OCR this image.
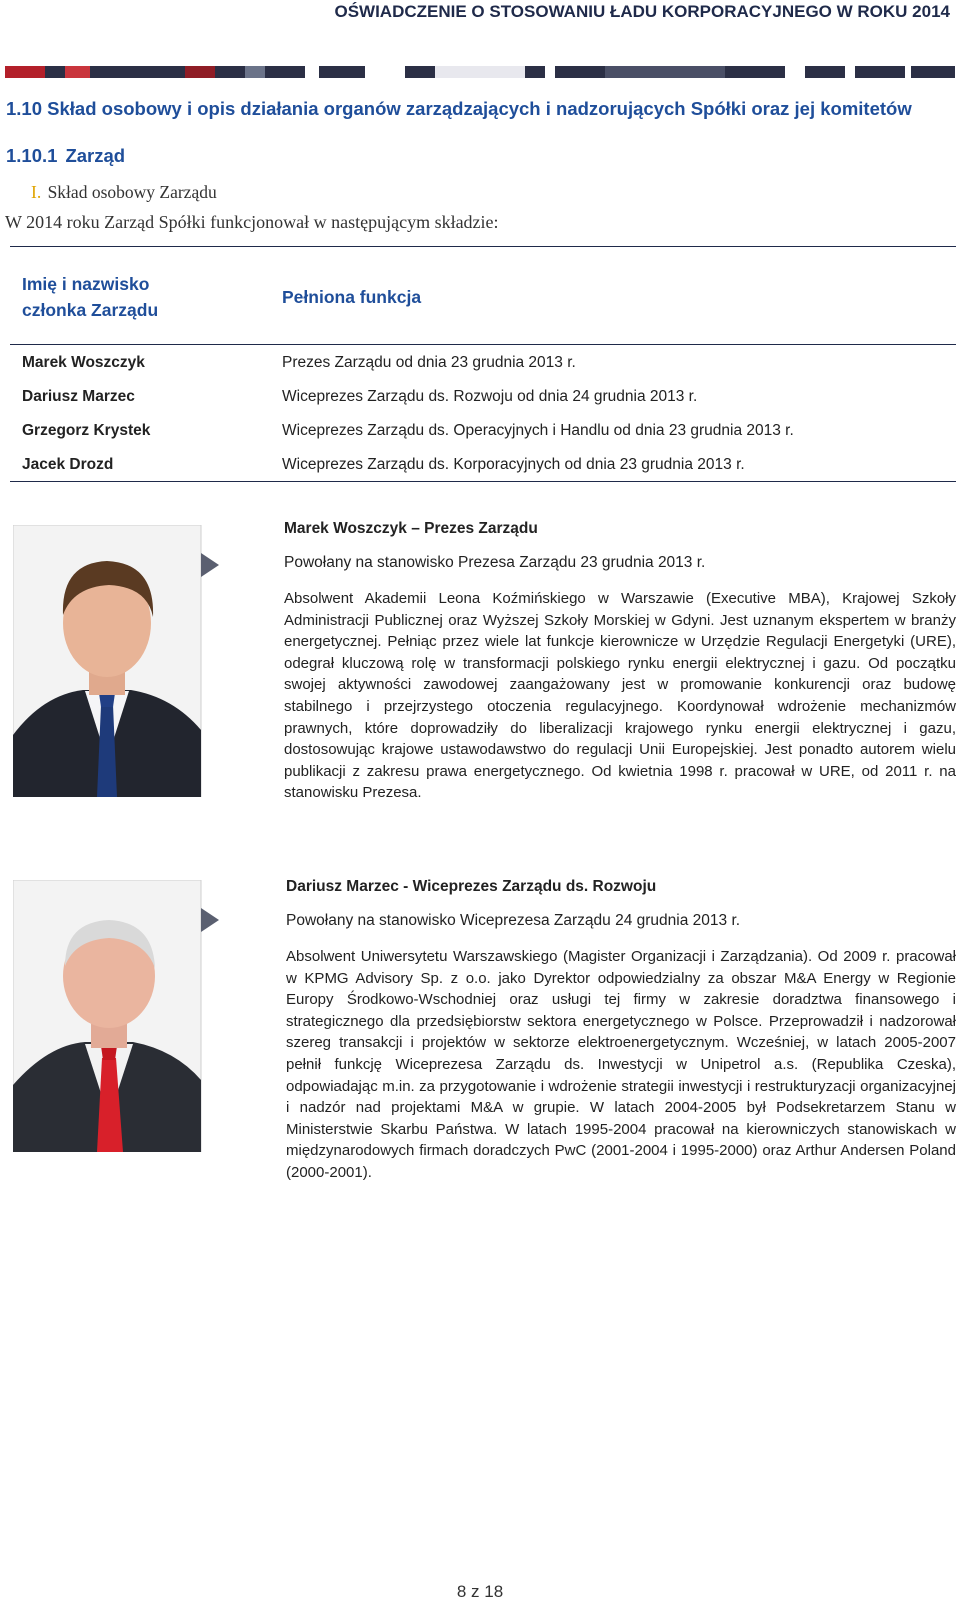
OŚWIADCZENIE O STOSOWANIU ŁADU KORPORACYJNEGO W ROKU 2014
1.10 Skład osobowy i opis działania organów zarządzających i nadzorujących Spółki oraz jej komitetów
1.10.1 Zarząd
I. Skład osobowy Zarządu
W 2014 roku Zarząd Spółki funkcjonował w następującym składzie:
Imię i nazwisko
członka Zarządu
Pełniona funkcja
Marek Woszczyk	Prezes Zarządu od dnia 23 grudnia 2013 r.
Dariusz Marzec	Wiceprezes Zarządu ds. Rozwoju od dnia 24 grudnia 2013 r.
Grzegorz Krystek	Wiceprezes Zarządu ds. Operacyjnych i Handlu od dnia 23 grudnia 2013 r.
Jacek Drozd	Wiceprezes Zarządu ds. Korporacyjnych od dnia 23 grudnia 2013 r.
Marek Woszczyk – Prezes Zarządu
Powołany na stanowisko Prezesa Zarządu 23 grudnia 2013 r.
Absolwent Akademii Leona Koźmińskiego w Warszawie (Executive MBA), Krajowej Szkoły Administracji Publicznej oraz Wyższej Szkoły Morskiej w Gdyni. Jest uznanym ekspertem w branży energetycznej. Pełniąc przez wiele lat funkcje kierownicze w Urzędzie Regulacji Energetyki (URE), odegrał kluczową rolę w transformacji polskiego rynku energii elektrycznej i gazu. Od początku swojej aktywności zawodowej zaangażowany jest w promowanie konkurencji oraz budowę stabilnego i przejrzystego otoczenia regulacyjnego. Koordynował wdrożenie mechanizmów prawnych, które doprowadziły do liberalizacji krajowego rynku energii elektrycznej i gazu, dostosowując krajowe ustawodawstwo do regulacji Unii Europejskiej. Jest ponadto autorem wielu publikacji z zakresu prawa energetycznego. Od kwietnia 1998 r. pracował w URE, od 2011 r. na stanowisku Prezesa.
Dariusz Marzec - Wiceprezes Zarządu ds. Rozwoju
Powołany na stanowisko Wiceprezesa Zarządu 24 grudnia 2013 r.
Absolwent Uniwersytetu Warszawskiego (Magister Organizacji i Zarządzania). Od 2009 r. pracował w KPMG Advisory Sp. z o.o. jako Dyrektor odpowiedzialny za obszar M&A Energy w Regionie Europy Środkowo-Wschodniej oraz usługi tej firmy w zakresie doradztwa finansowego i strategicznego dla przedsiębiorstw sektora energetycznego w Polsce. Przeprowadził i nadzorował szereg transakcji i projektów w sektorze elektroenergetycznym. Wcześniej, w latach 2005-2007 pełnił funkcję Wiceprezesa Zarządu ds. Inwestycji w Unipetrol a.s. (Republika Czeska), odpowiadając m.in. za przygotowanie i wdrożenie strategii inwestycji i restrukturyzacji organizacyjnej i nadzór nad projektami M&A w grupie. W latach 2004-2005 był Podsekretarzem Stanu w Ministerstwie Skarbu Państwa. W latach 1995-2004 pracował na kierowniczych stanowiskach w międzynarodowych firmach doradczych PwC (2001-2004 i 1995-2000) oraz Arthur Andersen Poland (2000-2001).
8 z 18
